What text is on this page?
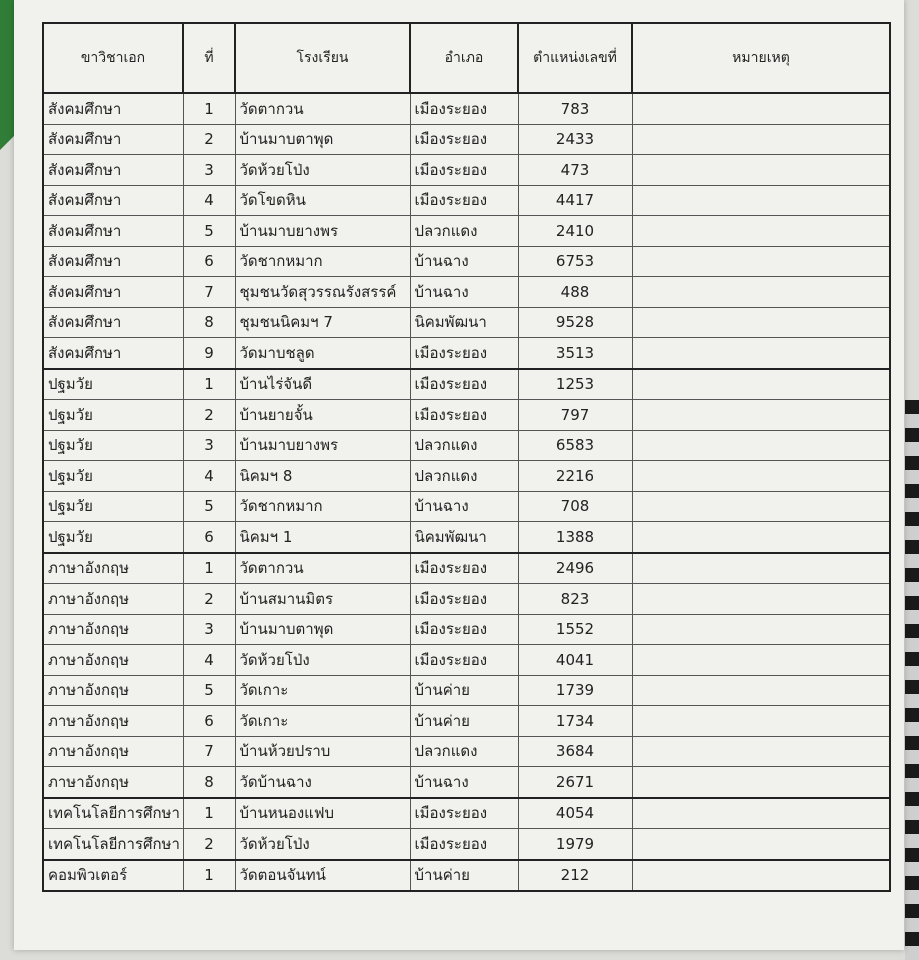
ขาวิชาเอก	ที่	โรงเรียน	อำเภอ	ตำแหน่งเลขที่	หมายเหตุ
สังคมศึกษา	1	วัดตากวน	เมืองระยอง	783	
สังคมศึกษา	2	บ้านมาบตาพุด	เมืองระยอง	2433	
สังคมศึกษา	3	วัดห้วยโป่ง	เมืองระยอง	473	
สังคมศึกษา	4	วัดโขดหิน	เมืองระยอง	4417	
สังคมศึกษา	5	บ้านมาบยางพร	ปลวกแดง	2410	
สังคมศึกษา	6	วัดชากหมาก	บ้านฉาง	6753	
สังคมศึกษา	7	ชุมชนวัดสุวรรณรังสรรค์	บ้านฉาง	488	
สังคมศึกษา	8	ชุมชนนิคมฯ 7	นิคมพัฒนา	9528	
สังคมศึกษา	9	วัดมาบชลูด	เมืองระยอง	3513	
ปฐมวัย	1	บ้านไร่จันดี	เมืองระยอง	1253	
ปฐมวัย	2	บ้านยายจั้น	เมืองระยอง	797	
ปฐมวัย	3	บ้านมาบยางพร	ปลวกแดง	6583	
ปฐมวัย	4	นิคมฯ 8	ปลวกแดง	2216	
ปฐมวัย	5	วัดชากหมาก	บ้านฉาง	708	
ปฐมวัย	6	นิคมฯ 1	นิคมพัฒนา	1388	
ภาษาอังกฤษ	1	วัดตากวน	เมืองระยอง	2496	
ภาษาอังกฤษ	2	บ้านสมานมิตร	เมืองระยอง	823	
ภาษาอังกฤษ	3	บ้านมาบตาพุด	เมืองระยอง	1552	
ภาษาอังกฤษ	4	วัดห้วยโป่ง	เมืองระยอง	4041	
ภาษาอังกฤษ	5	วัดเกาะ	บ้านค่าย	1739	
ภาษาอังกฤษ	6	วัดเกาะ	บ้านค่าย	1734	
ภาษาอังกฤษ	7	บ้านห้วยปราบ	ปลวกแดง	3684	
ภาษาอังกฤษ	8	วัดบ้านฉาง	บ้านฉาง	2671	
เทคโนโลยีการศึกษา	1	บ้านหนองแฟบ	เมืองระยอง	4054	
เทคโนโลยีการศึกษา	2	วัดห้วยโป่ง	เมืองระยอง	1979	
คอมพิวเตอร์	1	วัดตอนจันทน์	บ้านค่าย	212	
